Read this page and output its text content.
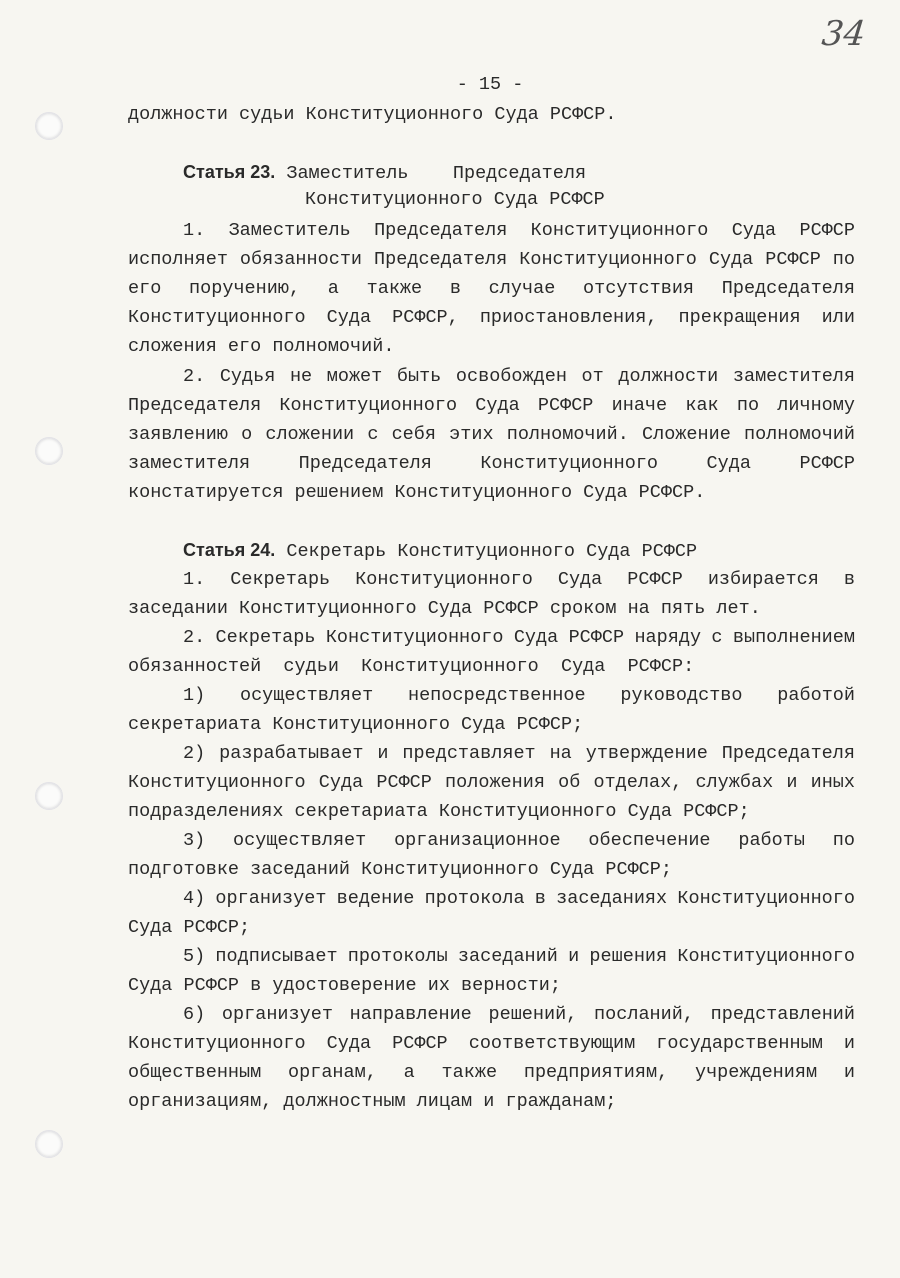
34
- 15 -
должности судьи Конституционного Суда РСФСР.
Статья 23. Заместитель    Председателя
Конституционного Суда РСФСР
1. Заместитель Председателя Конституционного Суда РСФСР
исполняет обязанности Председателя Конституционного Суда РСФСР по
его поручению, а также в случае отсутствия Председателя
Конституционного Суда РСФСР, приостановления, прекращения или
сложения его полномочий.
2. Судья не может быть освобожден от должности заместителя
Председателя Конституционного Суда РСФСР иначе как по личному
заявлению о сложении с себя этих полномочий. Сложение полномочий
заместителя Председателя Конституционного Суда РСФСР
констатируется решением Конституционного Суда РСФСР.
Статья 24. Секретарь Конституционного Суда РСФСР
1. Секретарь Конституционного Суда РСФСР избирается в
заседании Конституционного Суда РСФСР сроком на пять лет.
2. Секретарь Конституционного Суда РСФСР наряду с выполнением
обязанностей  судьи  Конституционного  Суда  РСФСР:
1) осуществляет непосредственное руководство работой
секретариата Конституционного Суда РСФСР;
2) разрабатывает и представляет на утверждение Председателя
Конституционного Суда РСФСР положения об отделах, службах и иных
подразделениях секретариата Конституционного Суда РСФСР;
3) осуществляет организационное обеспечение работы по
подготовке заседаний Конституционного Суда РСФСР;
4) организует ведение протокола в заседаниях Конституционного
Суда РСФСР;
5) подписывает протоколы заседаний и решения Конституционного
Суда РСФСР в удостоверение их верности;
6) организует направление решений, посланий, представлений
Конституционного Суда РСФСР соответствующим государственным и
общественным органам, а также предприятиям, учреждениям и
организациям, должностным лицам и гражданам;
